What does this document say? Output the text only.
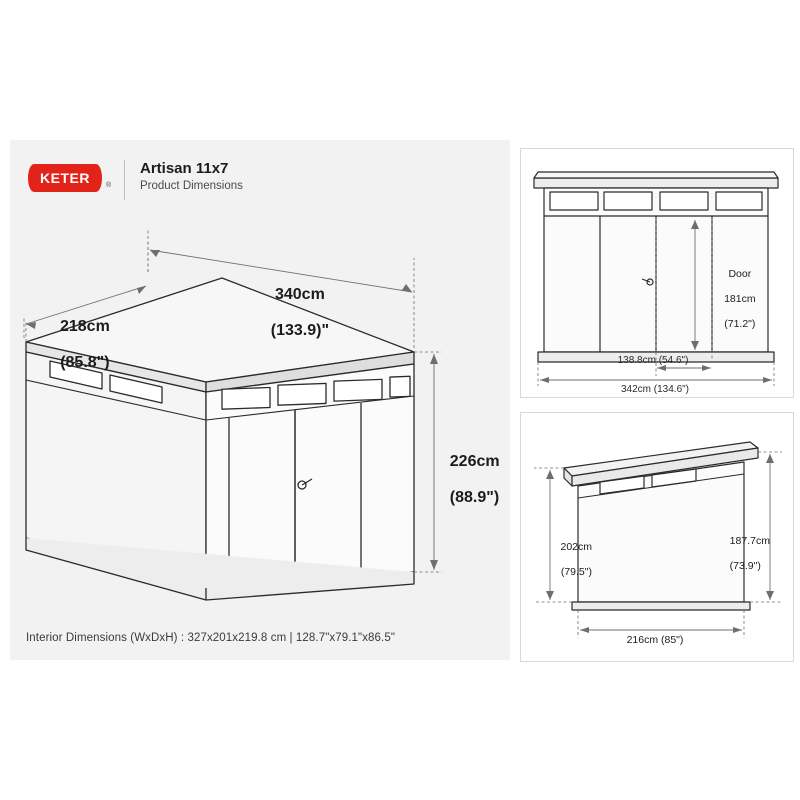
KETER	®
Artisan 11x7
Product Dimensions

340cm

(133.9)"

218cm

(85.8")

226cm

(88.9")

Interior Dimensions (WxDxH) : 327x201x219.8 cm | 128.7"x79.1"x86.5"

Door

181cm

(71.2")

138.8cm (54.6")
342cm (134.6")

202cm

(79.5")

187.7cm

(73.9")

216cm (85")
